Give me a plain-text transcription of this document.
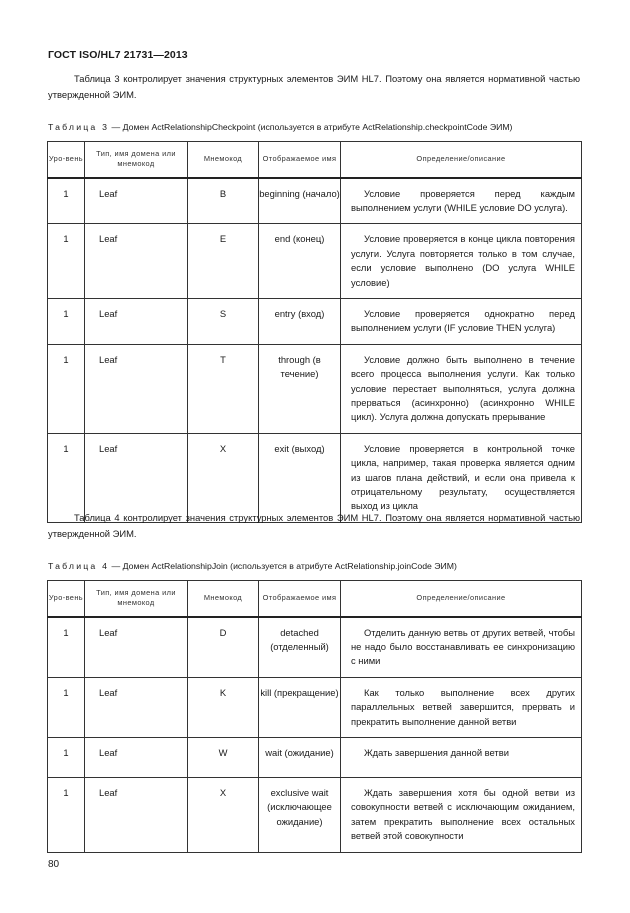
ГОСТ ISO/HL7 21731—2013

Таблица 3 контролирует значения структурных элементов ЭИМ HL7. Поэтому она является нормативной частью утвержденной ЭИМ.

Таблица 3 — Домен ActRelationshipCheckpoint (используется в атрибуте ActRelationship.checkpointCode ЭИМ)
Уро-вень	Тип, имя домена или мнемокод	Мнемокод	Отображаемое имя	Определение/описание
1	Leaf	B	beginning (начало)	Условие проверяется перед каждым выполнением услуги (WHILE условие DO услуга).
1	Leaf	E	end (конец)	Условие проверяется в конце цикла повторения услуги. Услуга повторяется только в том случае, если условие выполнено (DO услуга WHILE условие)
1	Leaf	S	entry (вход)	Условие проверяется однократно перед выполнением услуги (IF условие THEN услуга)
1	Leaf	T	through (в течение)	Условие должно быть выполнено в течение всего процесса выполнения услуги. Как только условие перестает выполняться, услуга должна прерваться (асинхронно) (асинхронно WHILE цикл). Услуга должна допускать прерывание
1	Leaf	X	exit (выход)	Условие проверяется в контрольной точке цикла, например, такая проверка является одним из шагов плана действий, и если она привела к отрицательному результату, осуществляется выход из цикла

Таблица 4 контролирует значения структурных элементов ЭИМ HL7. Поэтому она является нормативной частью утвержденной ЭИМ.

Таблица 4 — Домен ActRelationshipJoin (используется в атрибуте ActRelationship.joinCode ЭИМ)
Уро-вень	Тип, имя домена или мнемокод	Мнемокод	Отображаемое имя	Определение/описание
1	Leaf	D	detached (отделенный)	Отделить данную ветвь от других ветвей, чтобы не надо было восстанавливать ее синхронизацию с ними
1	Leaf	K	kill (прекращение)	Как только выполнение всех других параллельных ветвей завершится, прервать и прекратить выполнение данной ветви
1	Leaf	W	wait (ожидание)	Ждать завершения данной ветви
1	Leaf	X	exclusive wait (исключающее ожидание)	Ждать завершения хотя бы одной ветви из совокупности ветвей с исключающим ожиданием, затем прекратить выполнение всех остальных ветвей этой совокупности
80
